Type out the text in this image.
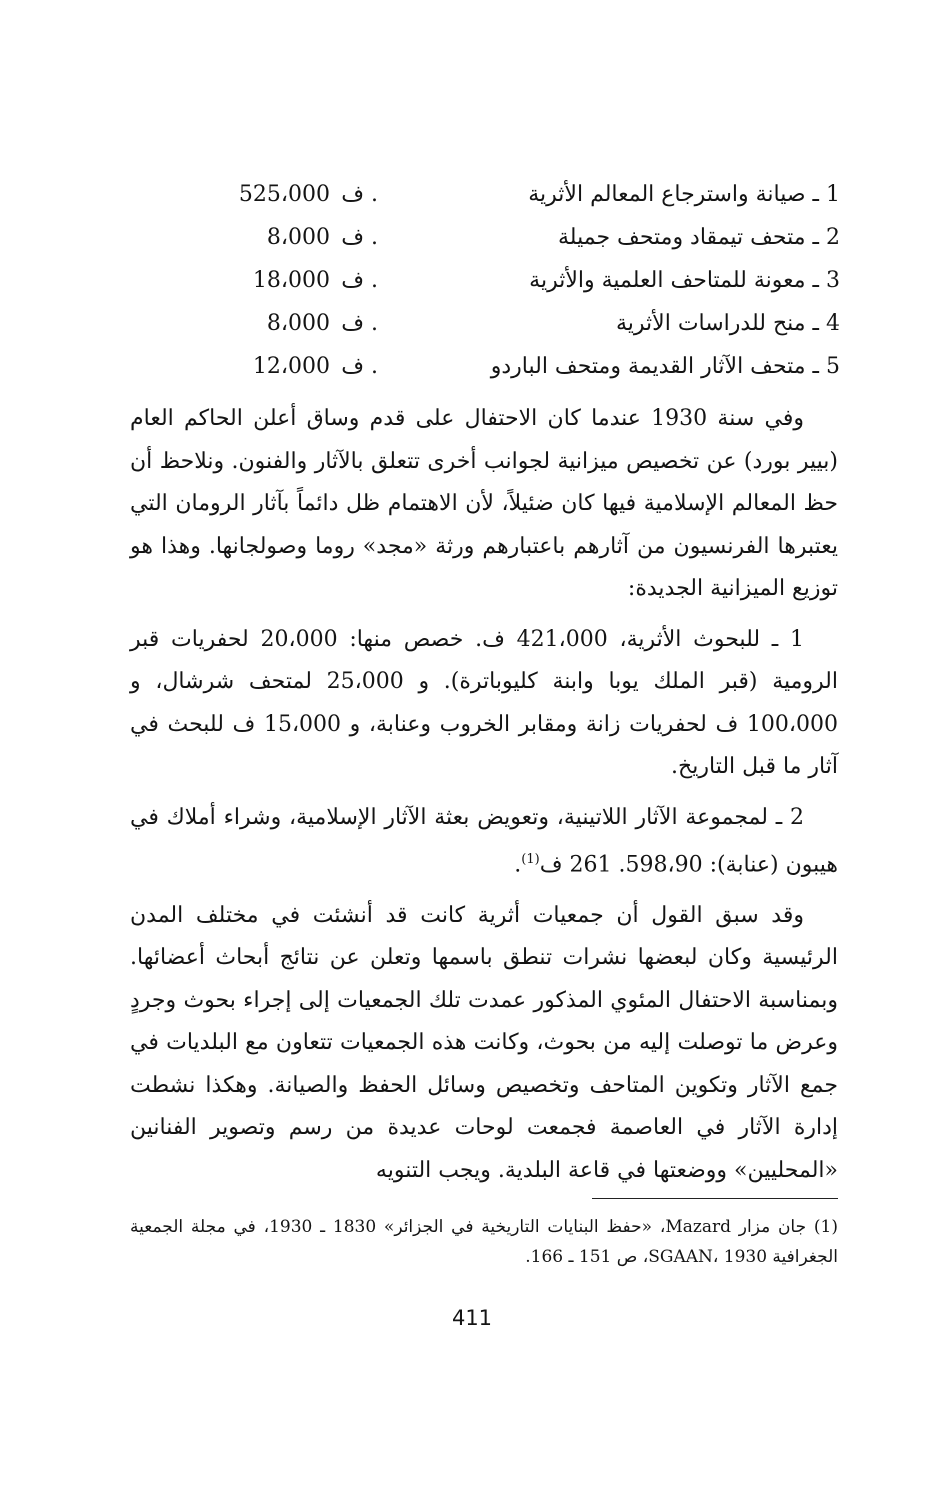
1 ـ صيانة واسترجاع المعالم الأثرية
525،000 ف .
2 ـ متحف تيمقاد ومتحف جميلة
8،000 ف .
3 ـ معونة للمتاحف العلمية والأثرية
18،000 ف .
4 ـ منح للدراسات الأثرية
8،000 ف .
5 ـ متحف الآثار القديمة ومتحف الباردو
12،000 ف .

وفي سنة 1930 عندما كان الاحتفال على قدم وساق أعلن الحاكم العام (بيير بورد) عن تخصيص ميزانية لجوانب أخرى تتعلق بالآثار والفنون. ونلاحظ أن حظ المعالم الإسلامية فيها كان ضئيلاً، لأن الاهتمام ظل دائماً بآثار الرومان التي يعتبرها الفرنسيون من آثارهم باعتبارهم ورثة «مجد» روما وصولجانها. وهذا هو توزيع الميزانية الجديدة:

1 ـ للبحوث الأثرية، 421،000 ف. خصص منها: 20،000 لحفريات قبر الرومية (قبر الملك يوبا وابنة كليوباترة). و 25،000 لمتحف شرشال، و 100،000 ف لحفريات زانة ومقابر الخروب وعنابة، و 15،000 ف للبحث في آثار ما قبل التاريخ.

2 ـ لمجموعة الآثار اللاتينية، وتعويض بعثة الآثار الإسلامية، وشراء أملاك في هيبون (عنابة): 598،90. 261 ف$^{(1)}$.

وقد سبق القول أن جمعيات أثرية كانت قد أنشئت في مختلف المدن الرئيسية وكان لبعضها نشرات تنطق باسمها وتعلن عن نتائج أبحاث أعضائها. وبمناسبة الاحتفال المئوي المذكور عمدت تلك الجمعيات إلى إجراء بحوث وجردٍ وعرض ما توصلت إليه من بحوث، وكانت هذه الجمعيات تتعاون مع البلديات في جمع الآثار وتكوين المتاحف وتخصيص وسائل الحفظ والصيانة. وهكذا نشطت إدارة الآثار في العاصمة فجمعت لوحات عديدة من رسم وتصوير الفنانين «المحليين» ووضعتها في قاعة البلدية. ويجب التنويه

(1) جان مزار Mazard، «حفظ البنايات التاريخية في الجزائر» 1830 ـ 1930، في مجلة الجمعية الجغرافية SGAAN، 1930، ص 151 ـ 166.
411
